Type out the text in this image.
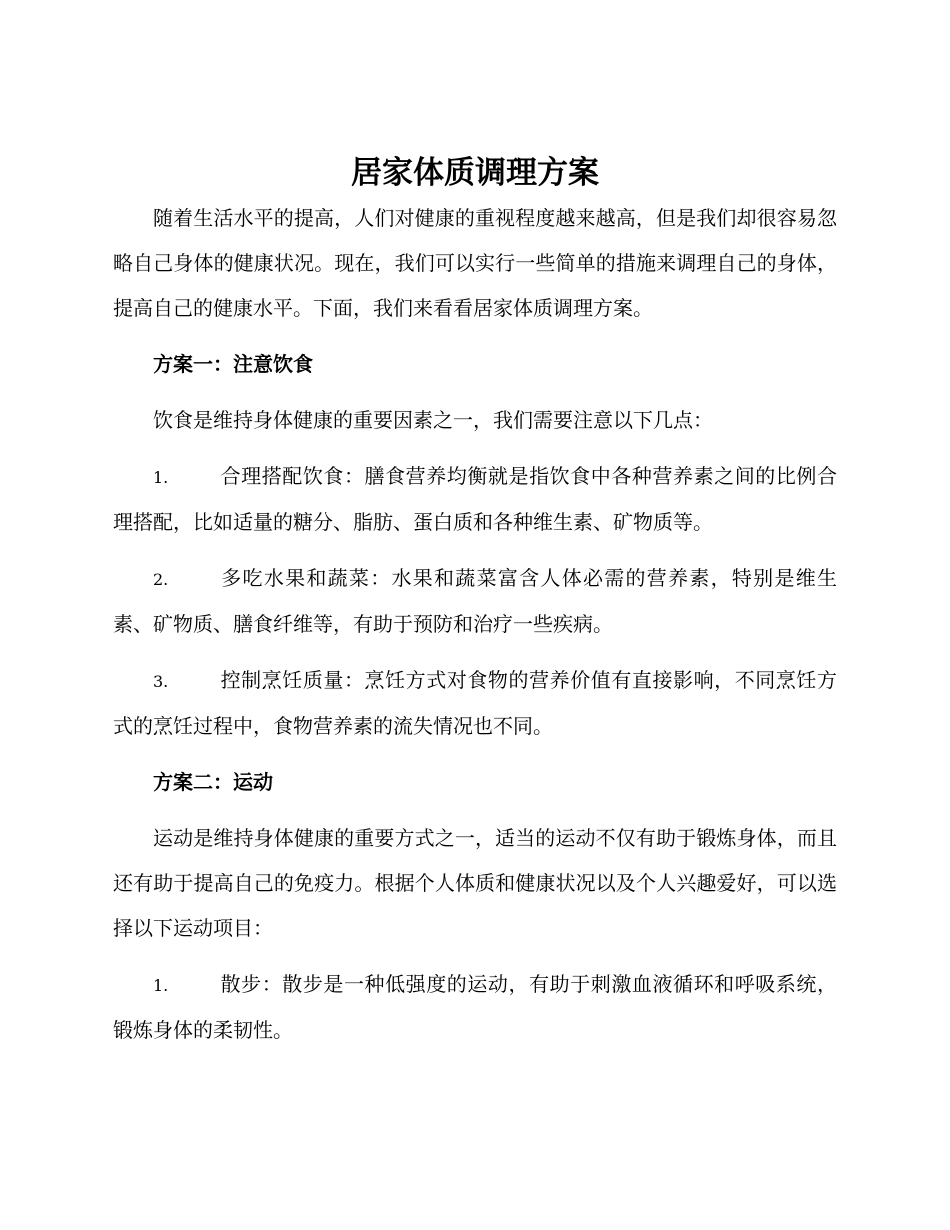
居家体质调理方案

随着生活水平的提高，人们对健康的重视程度越来越高，但是我们却很容易忽略自己身体的健康状况。现在，我们可以实行一些简单的措施来调理自己的身体，提高自己的健康水平。下面，我们来看看居家体质调理方案。

方案一：注意饮食

饮食是维持身体健康的重要因素之一，我们需要注意以下几点：

1.	合理搭配饮食：膳食营养均衡就是指饮食中各种营养素之间的比例合理搭配，比如适量的糖分、脂肪、蛋白质和各种维生素、矿物质等。

2.	多吃水果和蔬菜：水果和蔬菜富含人体必需的营养素，特别是维生素、矿物质、膳食纤维等，有助于预防和治疗一些疾病。

3.	控制烹饪质量：烹饪方式对食物的营养价值有直接影响，不同烹饪方式的烹饪过程中，食物营养素的流失情况也不同。

方案二：运动

运动是维持身体健康的重要方式之一，适当的运动不仅有助于锻炼身体，而且还有助于提高自己的免疫力。根据个人体质和健康状况以及个人兴趣爱好，可以选择以下运动项目：

1.	散步：散步是一种低强度的运动，有助于刺激血液循环和呼吸系统，锻炼身体的柔韧性。
